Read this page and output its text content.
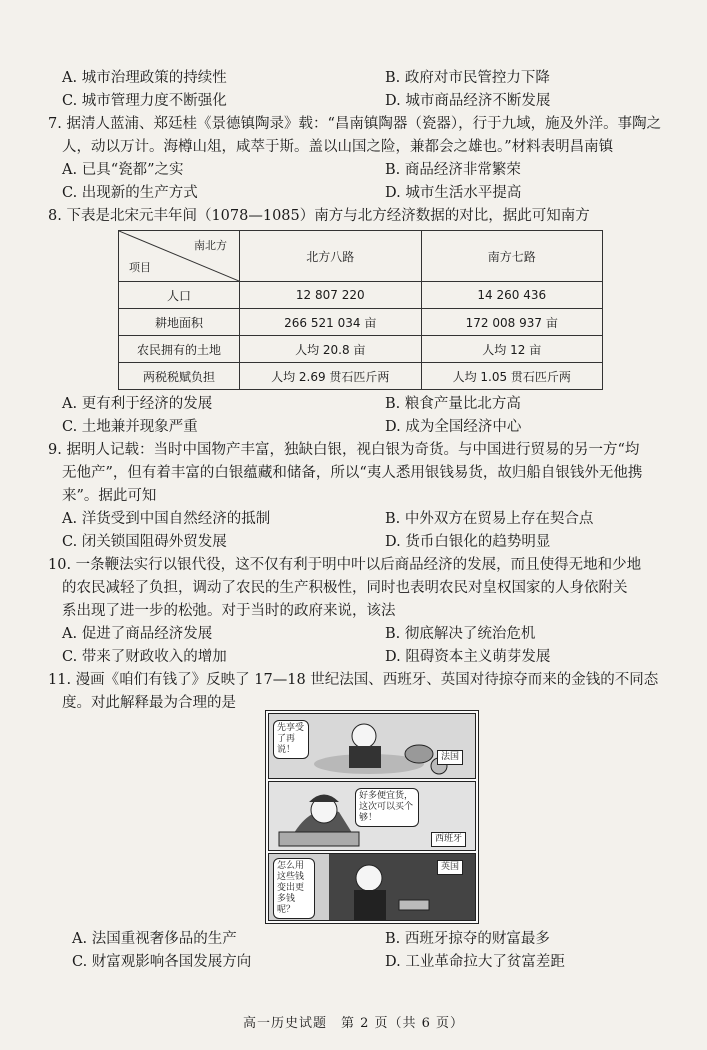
A. 城市治理政策的持续性	B. 政府对市民管控力下降
C. 城市管理力度不断强化	D. 城市商品经济不断发展
7. 据清人蓝浦、郑廷桂《景德镇陶录》载：“昌南镇陶器（瓷器），行于九域，施及外洋。事陶之
人，动以万计。海樽山俎，咸萃于斯。盖以山国之险，兼都会之雄也。”材料表明昌南镇
A. 已具“瓷都”之实	B. 商品经济非常繁荣
C. 出现新的生产方式	D. 城市生活水平提高
8. 下表是北宋元丰年间（1078—1085）南方与北方经济数据的对比，据此可知南方
南北方
项目	北方八路	南方七路
人口	12 807 220	14 260 436
耕地面积	266 521 034 亩	172 008 937 亩
农民拥有的土地	人均 20.8 亩	人均 12 亩
两税税赋负担	人均 2.69 贯石匹斤两	人均 1.05 贯石匹斤两
A. 更有利于经济的发展	B. 粮食产量比北方高
C. 土地兼并现象严重	D. 成为全国经济中心
9. 据明人记载：当时中国物产丰富，独缺白银，视白银为奇货。与中国进行贸易的另一方“均
无他产”，但有着丰富的白银蕴藏和储备，所以“夷人悉用银钱易货，故归船自银钱外无他携
来”。据此可知
A. 洋货受到中国自然经济的抵制	B. 中外双方在贸易上存在契合点
C. 闭关锁国阻碍外贸发展	D. 货币白银化的趋势明显
10. 一条鞭法实行以银代役，这不仅有利于明中叶以后商品经济的发展，而且使得无地和少地
的农民减轻了负担，调动了农民的生产积极性，同时也表明农民对皇权国家的人身依附关
系出现了进一步的松弛。对于当时的政府来说，该法
A. 促进了商品经济发展	B. 彻底解决了统治危机
C. 带来了财政收入的增加	D. 阻碍资本主义萌芽发展
11. 漫画《咱们有钱了》反映了 17—18 世纪法国、西班牙、英国对待掠夺而来的金钱的不同态
度。对此解释最为合理的是
先享受了再说！
法国
好多便宜货，这次可以买个够！
西班牙
怎么用这些钱变出更多钱呢？
英国
A. 法国重视奢侈品的生产	B. 西班牙掠夺的财富最多
C. 财富观影响各国发展方向	D. 工业革命拉大了贫富差距
高一历史试题　第 2 页（共 6 页）
